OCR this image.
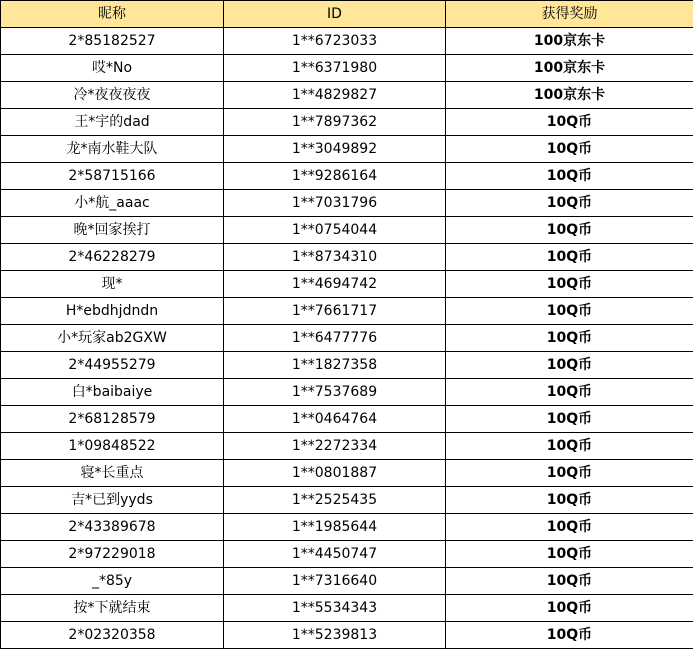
昵称	ID	获得奖励
2*85182527	1**6723033	100京东卡
哎*No	1**6371980	100京东卡
冷*夜夜夜夜	1**4829827	100京东卡
王*宇的dad	1**7897362	10Q币
龙*南水鞋大队	1**3049892	10Q币
2*58715166	1**9286164	10Q币
小*航_aaac	1**7031796	10Q币
晚*回家挨打	1**0754044	10Q币
2*46228279	1**8734310	10Q币
现*	1**4694742	10Q币
H*ebdhjdndn	1**7661717	10Q币
小*玩家ab2GXW	1**6477776	10Q币
2*44955279	1**1827358	10Q币
白*baibaiye	1**7537689	10Q币
2*68128579	1**0464764	10Q币
1*09848522	1**2272334	10Q币
寝*长重点	1**0801887	10Q币
吉*已到yyds	1**2525435	10Q币
2*43389678	1**1985644	10Q币
2*97229018	1**4450747	10Q币
_*85y	1**7316640	10Q币
按*下就结束	1**5534343	10Q币
2*02320358	1**5239813	10Q币
